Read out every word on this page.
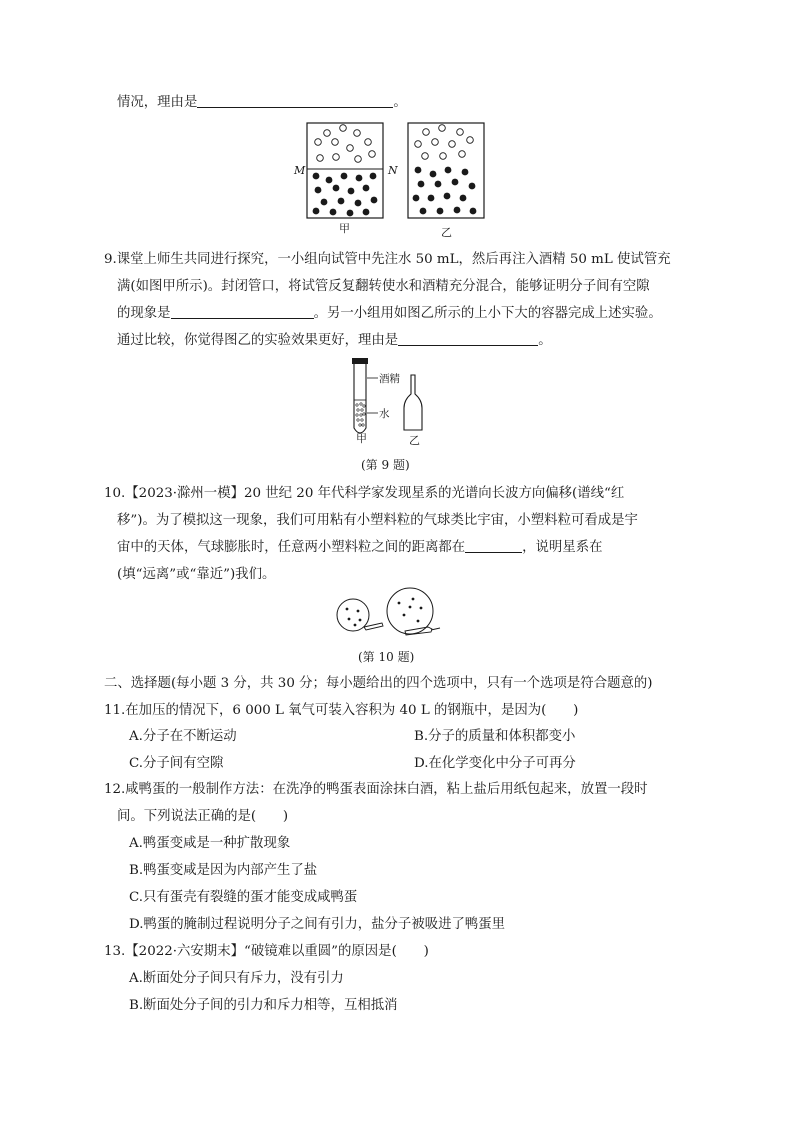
情况，理由是	。
M	N
甲	乙
9.课堂上师生共同进行探究，一小组向试管中先注水 50 mL，然后再注入酒精 50 mL 使试管充
满(如图甲所示)。封闭管口，将试管反复翻转使水和酒精充分混合，能够证明分子间有空隙
的现象是	。另一小组用如图乙所示的上小下大的容器完成上述实验。
通过比较，你觉得图乙的实验效果更好，理由是	。
酒精
水
甲	乙
(第 9 题)
10.【2023·滁州一模】20 世纪 20 年代科学家发现星系的光谱向长波方向偏移(谱线“红
移”)。为了模拟这一现象，我们可用粘有小塑料粒的气球类比宇宙，小塑料粒可看成是宇
宙中的天体，气球膨胀时，任意两小塑料粒之间的距离都在	，说明星系在
(填“远离”或“靠近”)我们。
(第 10 题)
二、选择题(每小题 3 分，共 30 分；每小题给出的四个选项中，只有一个选项是符合题意的)
11.在加压的情况下，6 000 L 氧气可装入容积为 40 L 的钢瓶中，是因为(　　)
A.分子在不断运动	B.分子的质量和体积都变小
C.分子间有空隙	D.在化学变化中分子可再分
12.咸鸭蛋的一般制作方法：在洗净的鸭蛋表面涂抹白酒，粘上盐后用纸包起来，放置一段时
间。下列说法正确的是(　　)
A.鸭蛋变咸是一种扩散现象
B.鸭蛋变咸是因为内部产生了盐
C.只有蛋壳有裂缝的蛋才能变成咸鸭蛋
D.鸭蛋的腌制过程说明分子之间有引力，盐分子被吸进了鸭蛋里
13.【2022·六安期末】“破镜难以重圆”的原因是(　　)
A.断面处分子间只有斥力，没有引力
B.断面处分子间的引力和斥力相等，互相抵消
